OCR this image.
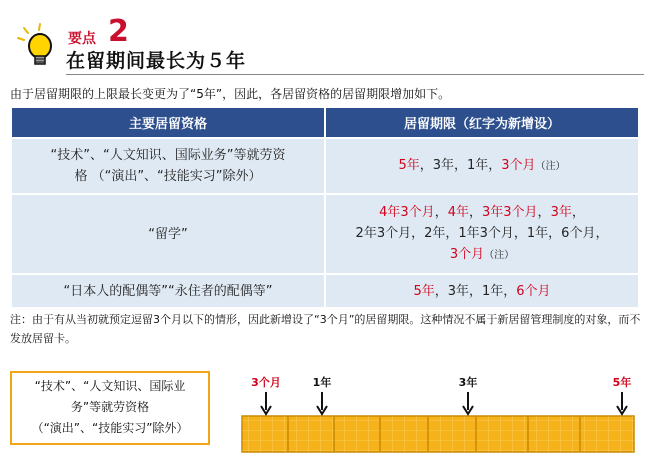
要点 2
在留期间最长为５年
由于居留期限的上限最长变更为了“5年”，因此，各居留资格的居留期限增加如下。
主要居留资格	居留期限（红字为新增设）

“技术”、“人文知识、国际业务”等就劳资
格 （“演出”、“技能实习”除外）	5年，3年，1年，3个月（注）
“留学”	4年3个月，4年，3年3个月，3年，
2年3个月，2年，1年3个月，1年，6个月，
3个月（注）

“日本人的配偶等”“永住者的配偶等”	5年，3年，1年，6个月
注：由于有从当初就预定逗留3个月以下的情形，因此新增设了“3个月”的居留期限。这种情况不属于新居留管理制度的对象，而不发放居留卡。
“技术”、“人文知识、国际业
务”等就劳资格
（“演出”、“技能实习”除外）
3个月	1年	3年	5年
